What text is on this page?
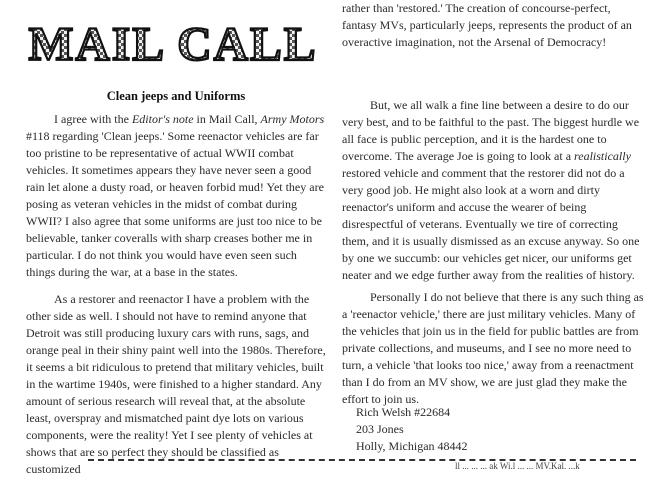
MAIL CALL
Clean jeeps and Uniforms

I agree with the Editor's note in Mail Call, Army Motors #118 regarding 'Clean jeeps.' Some reenactor vehicles are far too pristine to be representative of actual WWII combat vehicles. It sometimes appears they have never seen a good rain let alone a dusty road, or heaven forbid mud! Yet they are posing as veteran vehicles in the midst of combat during WWII? I also agree that some uniforms are just too nice to be believable, tanker coveralls with sharp creases bother me in particular. I do not think you would have even seen such things during the war, at a base in the states.

As a restorer and reenactor I have a problem with the other side as well. I should not have to remind anyone that Detroit was still producing luxury cars with runs, sags, and orange peal in their shiny paint well into the 1980s. Therefore, it seems a bit ridiculous to pretend that military vehicles, built in the wartime 1940s, were finished to a higher standard. Any amount of serious research will reveal that, at the absolute least, overspray and mismatched paint dye lots on various components, were the reality! Yet I see plenty of vehicles at shows that are so perfect they should be classified as customized

rather than 'restored.' The creation of concourse-perfect, fantasy MVs, particularly jeeps, represents the product of an overactive imagination, not the Arsenal of Democracy!

But, we all walk a fine line between a desire to do our very best, and to be faithful to the past. The biggest hurdle we all face is public perception, and it is the hardest one to overcome. The average Joe is going to look at a realistically restored vehicle and comment that the restorer did not do a very good job. He might also look at a worn and dirty reenactor's uniform and accuse the wearer of being disrespectful of veterans. Eventually we tire of correcting them, and it is usually dismissed as an excuse anyway. So one by one we succumb: our vehicles get nicer, our uniforms get neater and we edge further away from the realities of history.

Personally I do not believe that there is any such thing as a 'reenactor vehicle,' there are just military vehicles. Many of the vehicles that join us in the field for public battles are from private collections, and museums, and I see no more need to turn, a vehicle 'that looks too nice,' away from a reenactment than I do from an MV show, we are just glad they make the effort to join us.

Rich Welsh #22684
203 Jones
Holly, Michigan 48442
ll ... ... ... ak Wi.l ... ... MV.Kal. ...k
